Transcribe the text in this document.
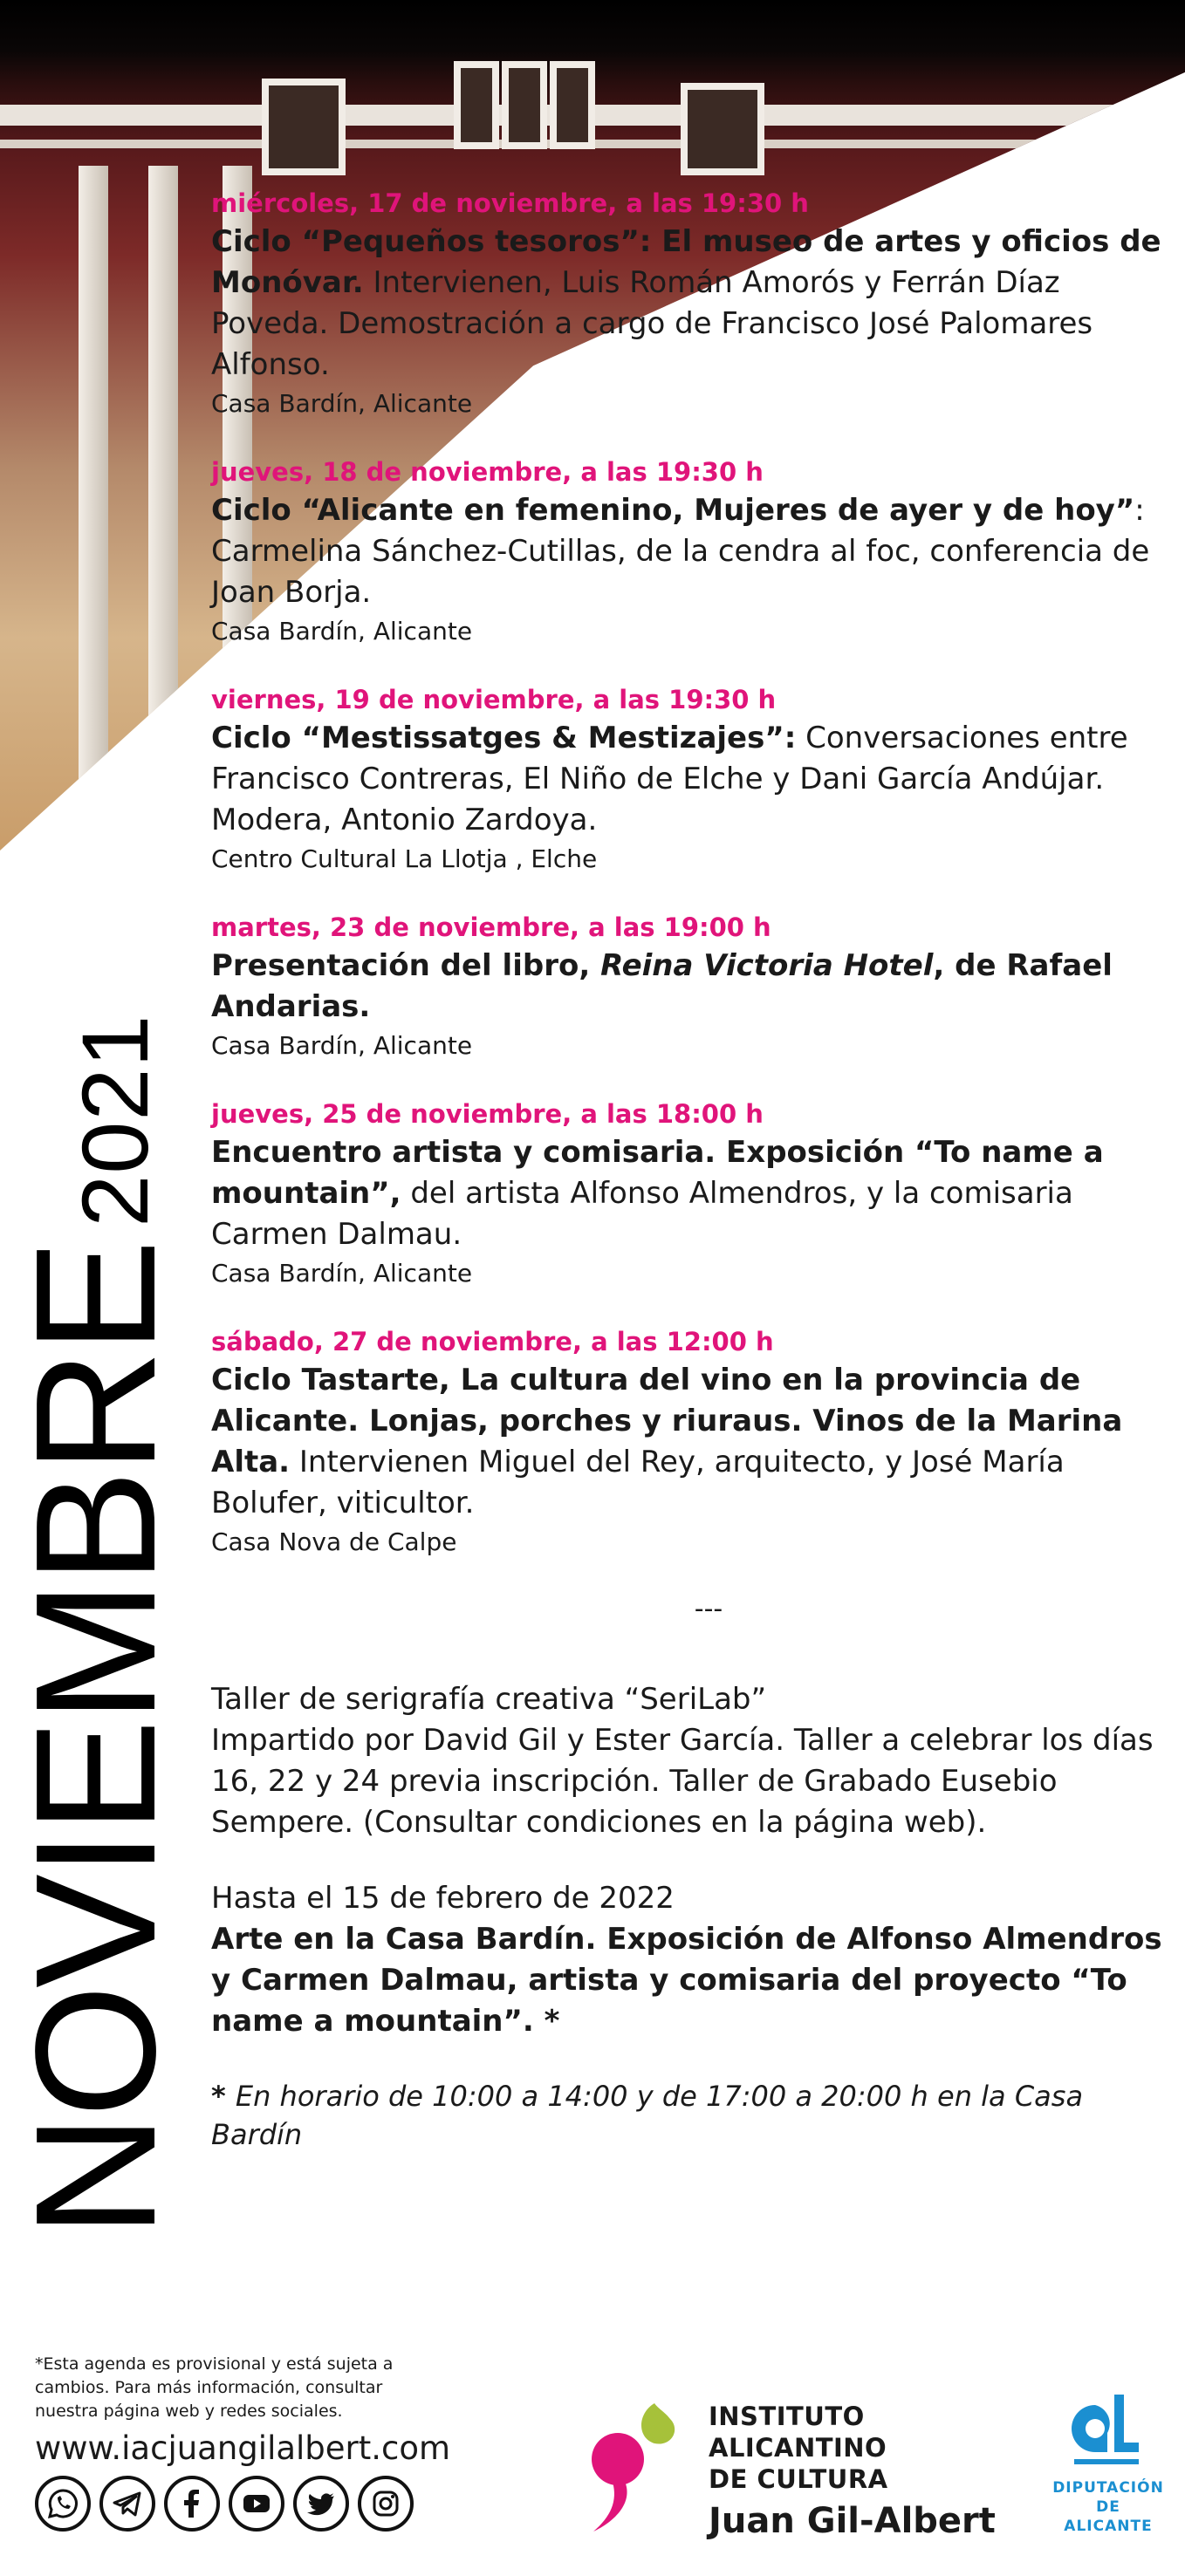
NOVIEMBRE2021
miércoles, 17 de noviembre, a las 19:30 h
Ciclo “Pequeños tesoros”: El museo de artes y oficios de Monóvar. Intervienen, Luis Román Amorós y Ferrán Díaz Poveda. Demostración a cargo de Francisco José Palomares Alfonso.
Casa Bardín, Alicante
jueves, 18 de noviembre, a las 19:30 h
Ciclo “Alicante en femenino, Mujeres de ayer y de hoy”: Carmelina Sánchez-Cutillas, de la cendra al foc, conferencia de Joan Borja.
Casa Bardín, Alicante
viernes, 19 de noviembre, a las 19:30 h
Ciclo “Mestissatges & Mestizajes”: Conversaciones entre Francisco Contreras, El Niño de Elche y Dani García Andújar. Modera, Antonio Zardoya.
Centro Cultural La Llotja , Elche
martes, 23 de noviembre, a las 19:00 h
Presentación del libro, Reina Victoria Hotel, de Rafael Andarias.
Casa Bardín, Alicante
jueves, 25 de noviembre, a las 18:00 h
Encuentro artista y comisaria. Exposición “To name a mountain”, del artista Alfonso Almendros, y la comisaria Carmen Dalmau.
Casa Bardín, Alicante
sábado, 27 de noviembre, a las 12:00 h
Ciclo Tastarte, La cultura del vino en la provincia de Alicante. Lonjas, porches y riuraus. Vinos de la Marina Alta. Intervienen Miguel del Rey, arquitecto, y José María Bolufer, viticultor.
Casa Nova de Calpe
---
Taller de serigrafía creativa “SeriLab”
Impartido por David Gil y Ester García. Taller a celebrar los días 16, 22 y 24 previa inscripción. Taller de Grabado Eusebio Sempere. (Consultar condiciones en la página web).
Hasta el 15 de febrero de 2022
Arte en la Casa Bardín. Exposición de Alfonso Almendros y Carmen Dalmau, artista y comisaria del proyecto “To name a mountain”. *
* En horario de 10:00 a 14:00 y de 17:00 a 20:00 h en la Casa Bardín
*Esta agenda es provisional y está sujeta a cambios. Para más información, consultar nuestra página web y redes sociales.
www.iacjuangilalbert.com
INSTITUTO ALICANTINO
DE CULTURA
Juan Gil-Albert
DIPUTACIÓN
DE ALICANTE
